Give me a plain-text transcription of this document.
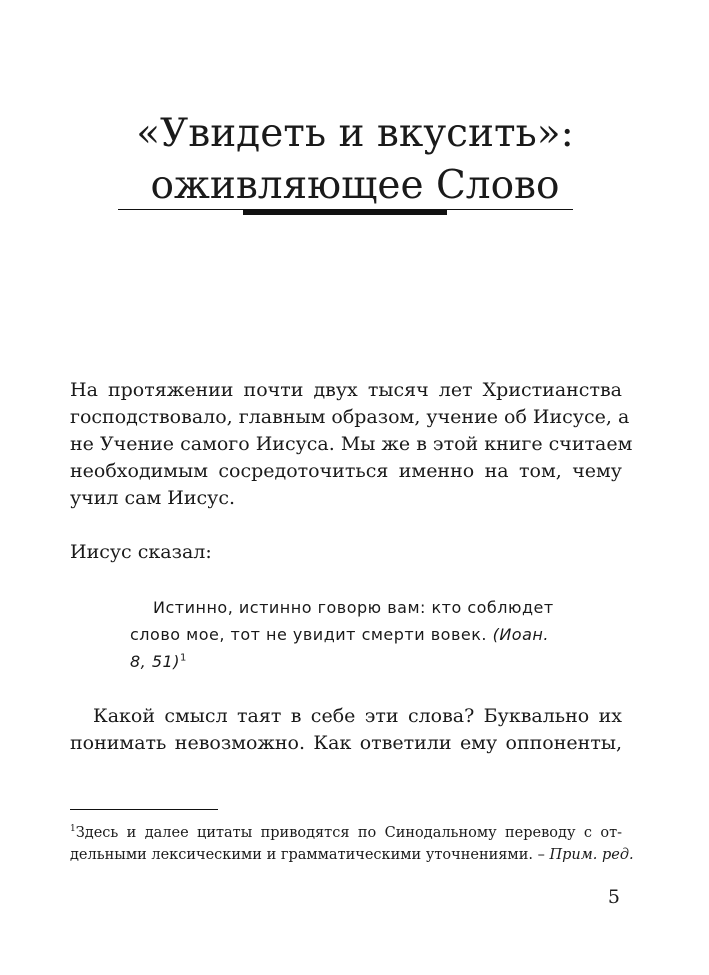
«Увидеть и вкусить»:
оживляющее Слово
На протяжении почти двух тысяч лет Христианства
господствовало, главным образом, учение об Иисусе, а
не Учение самого Иисуса. Мы же в этой книге считаем
необходимым сосредоточиться именно на том, чему
учил сам Иисус.
Иисус сказал:
Истинно, истинно говорю вам: кто соблюдет
слово мое, тот не увидит смерти вовек. (Иоан.
8, 51)$^1$
Какой смысл таят в себе эти слова? Буквально их
понимать невозможно. Как ответили ему оппоненты,
$^1$Здесь и далее цитаты приводятся по Синодальному переводу с от-
дельными лексическими и грамматическими уточнениями. – Прим. ред.
5
